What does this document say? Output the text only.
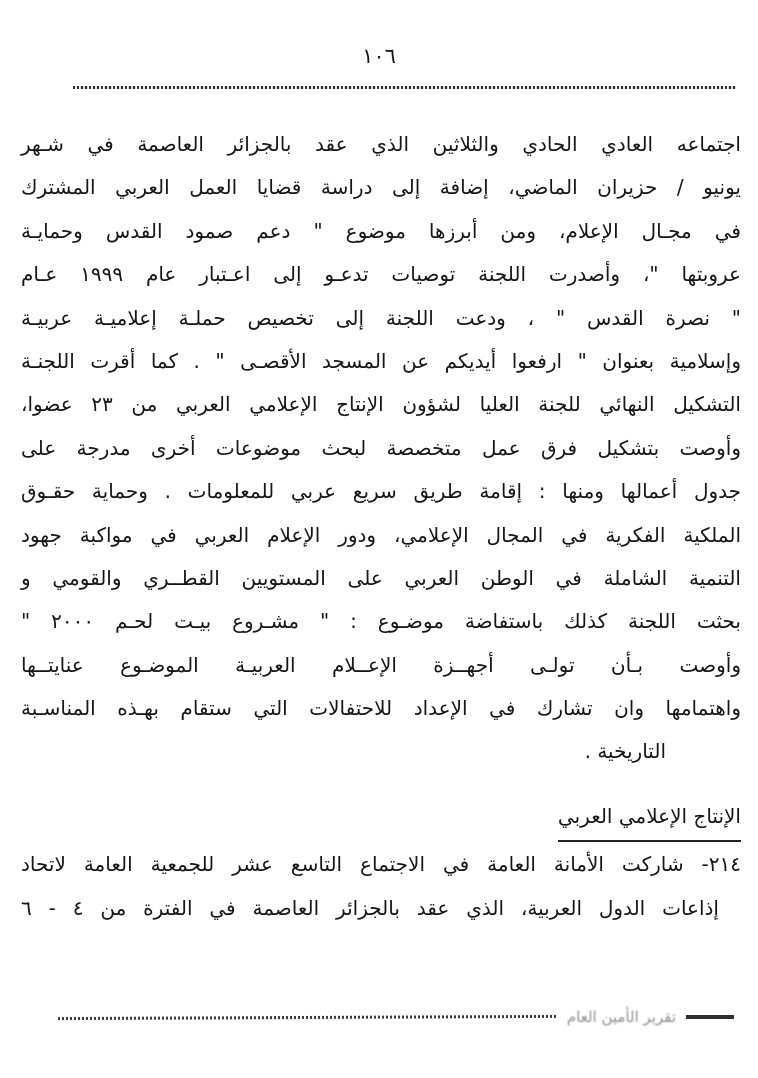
١٠٦
اجتماعه العادي الحادي والثلاثين الذي عقد بالجزائر العاصمة في شـهر
يونيو / حزيران الماضي، إضافة إلى دراسة قضايا العمل العربي المشترك
في مجـال الإعلام، ومن أبرزها موضوع " دعم صمود القدس وحمايـة
عروبتها "، وأصدرت اللجنة توصيات تدعـو إلى اعـتبار عام ١٩٩٩ عـام
" نصرة القدس " ، ودعت اللجنة إلى تخصيص حملـة إعلاميـة عربيـة
وإسلامية بعنوان " ارفعوا أيديكم عن المسجد الأقصـى " . كما أقرت اللجنـة
التشكيل النهائي للجنة العليا لشؤون الإنتاج الإعلامي العربي من ٢٣ عضوا،
وأوصت بتشكيل فرق عمل متخصصة لبحث موضوعات أخرى مدرجة على
جدول أعمالها ومنها : إقامة طريق سريع عربي للمعلومات . وحماية حقـوق
الملكية الفكرية في المجال الإعلامي، ودور الإعلام العربي في مواكبة جهود
التنمية الشاملة في الوطن العربي على المستويين القطــري والقومي و
بحثت اللجنة كذلك باستفاضة موضـوع : " مشـروع بيـت لحـم ٢٠٠٠ "
وأوصت بـأن تولـى أجهــزة الإعــلام العربيـة الموضـوع عنايتــها
واهتمامها وان تشارك في الإعداد للاحتفالات التي ستقام بهـذه المناسـبة
التاريخية .
الإنتاج الإعلامي العربي
٢١٤- شاركت الأمانة العامة في الاجتماع التاسع عشر للجمعية العامة لاتحاد
إذاعات الدول العربية، الذي عقد بالجزائر العاصمة في الفترة من ٤ - ٦
تقرير الأمين العام
